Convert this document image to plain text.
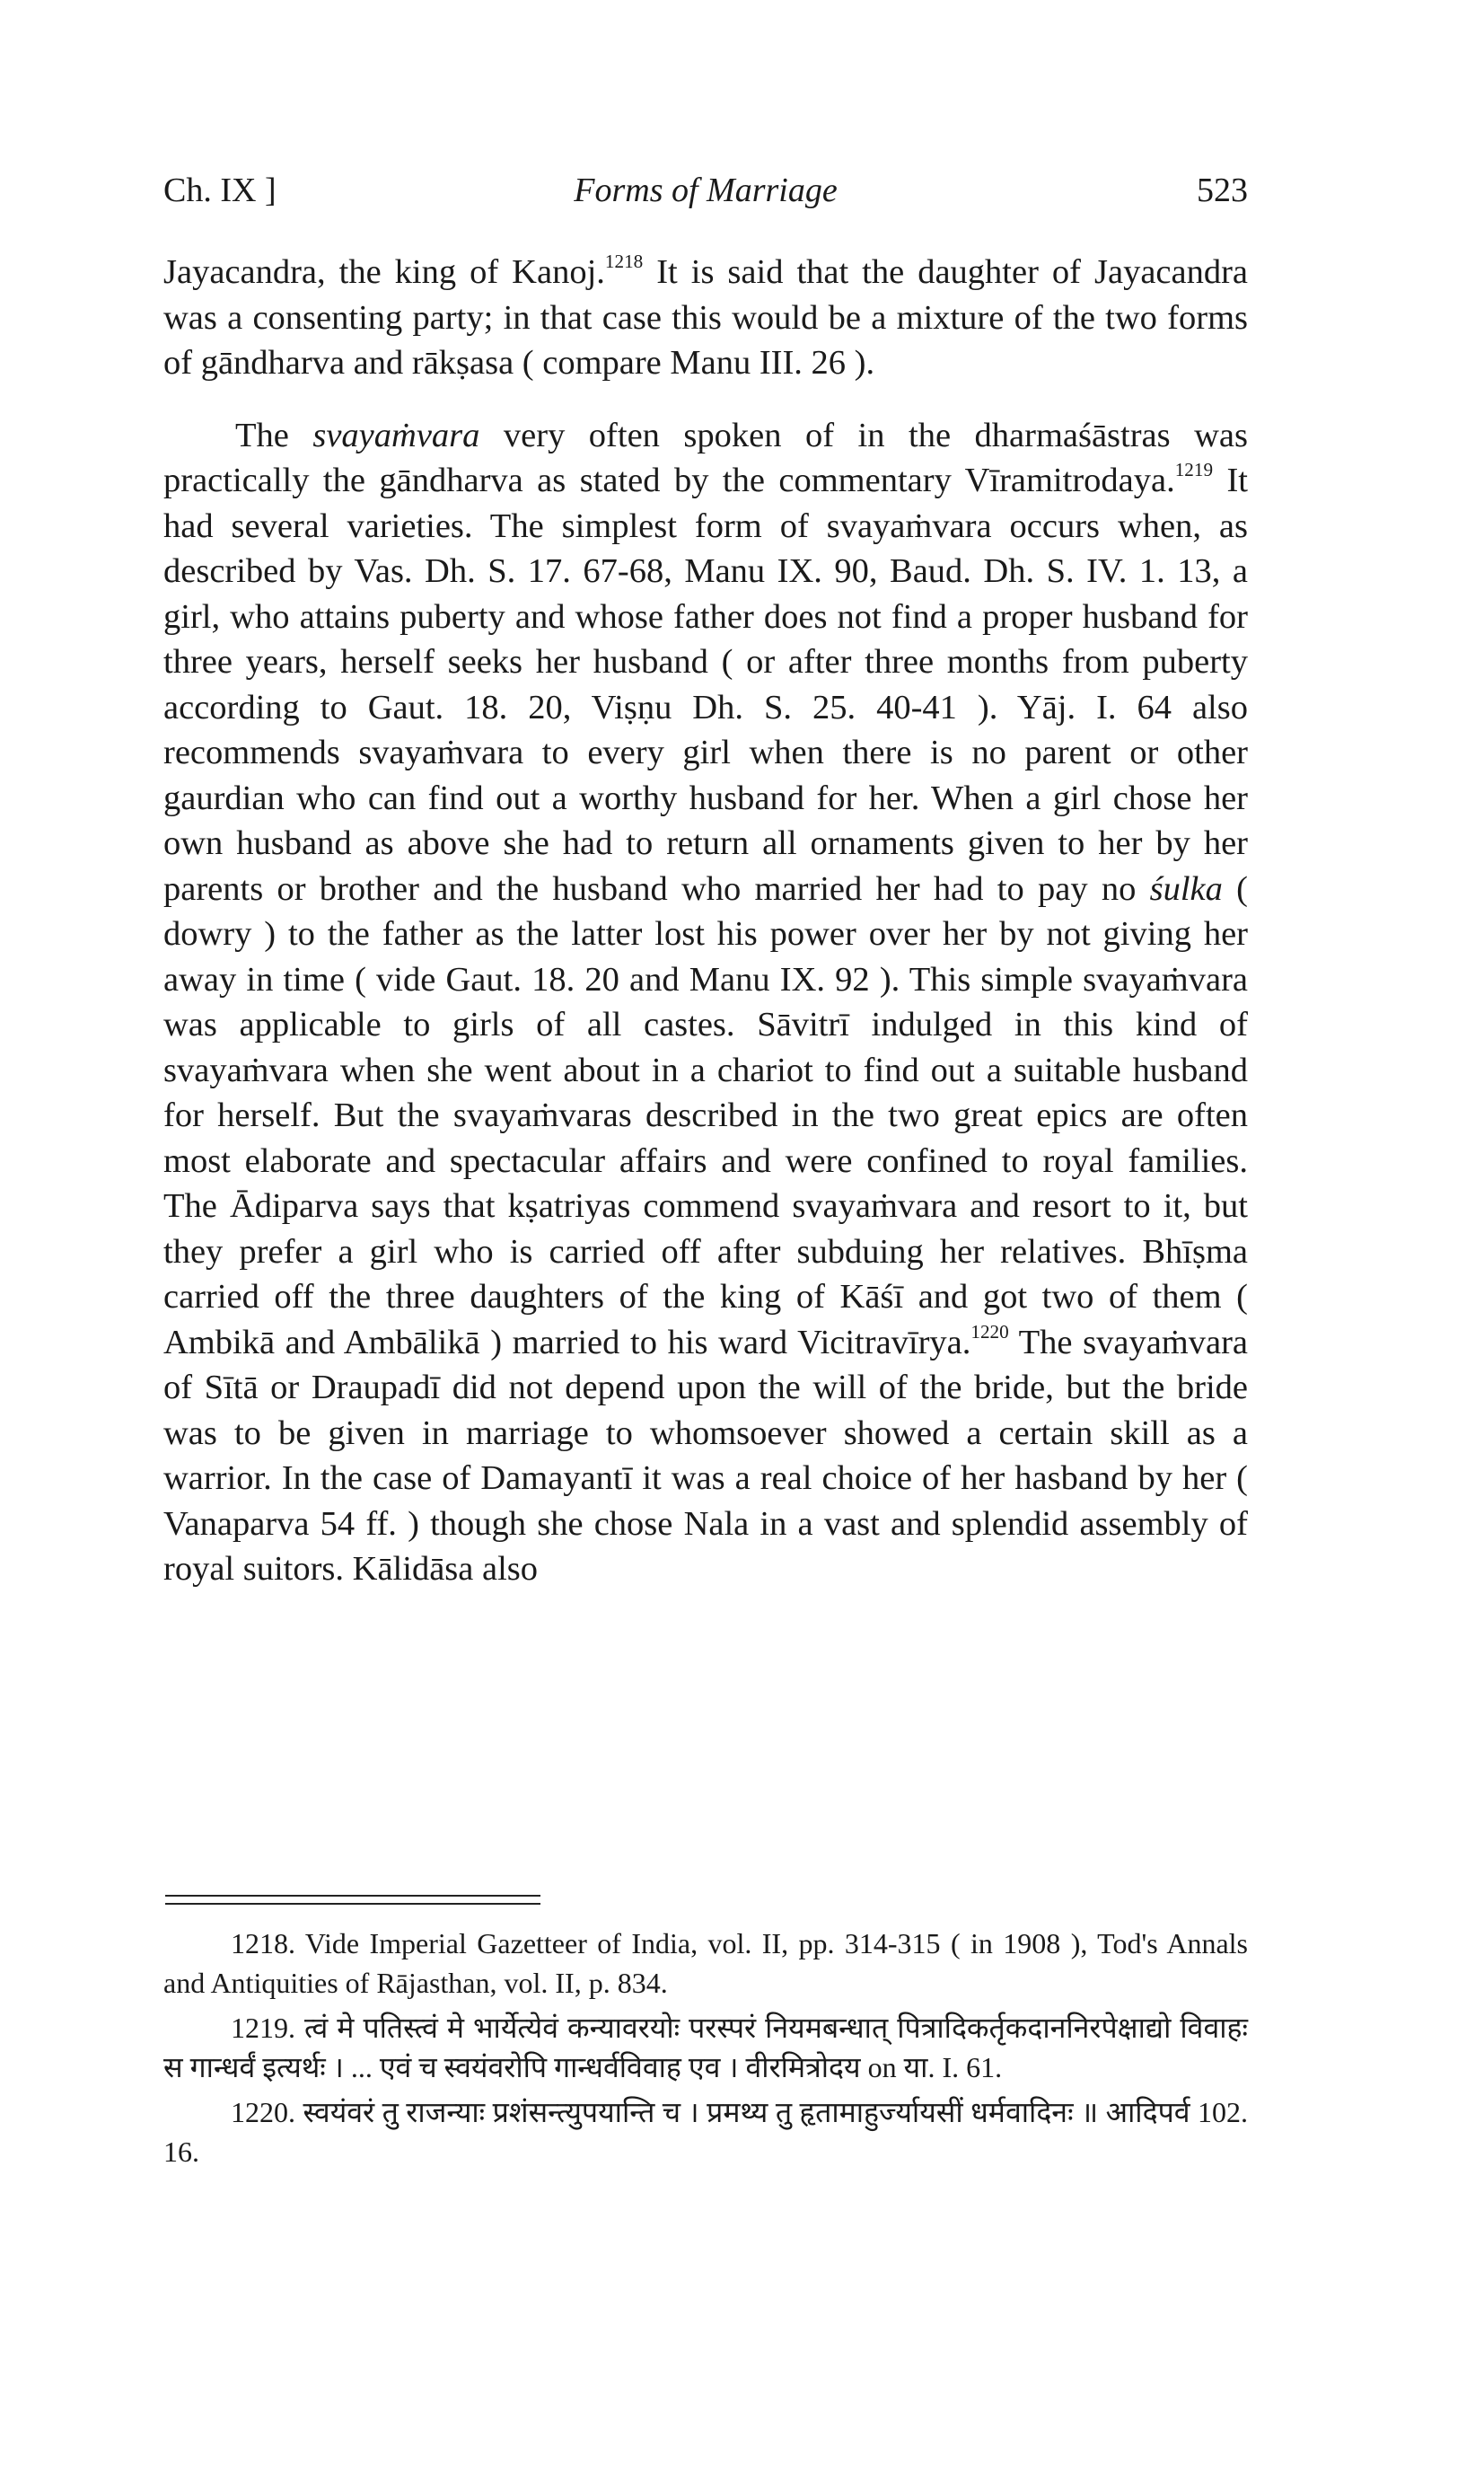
Ch. IX ]	Forms of Marriage	523

Jayacandra, the king of Kanoj.$^{1218}$ It is said that the daughter of Jayacandra was a consenting party; in that case this would be a mixture of the two forms of gāndharva and rākṣasa ( compare Manu III. 26 ).

The svayaṁvara very often spoken of in the dharmaśāstras was practically the gāndharva as stated by the commentary Vīramitrodaya.$^{1219}$ It had several varieties. The simplest form of svayaṁvara occurs when, as described by Vas. Dh. S. 17. 67-68, Manu IX. 90, Baud. Dh. S. IV. 1. 13, a girl, who attains puberty and whose father does not find a proper husband for three years, herself seeks her husband ( or after three months from puberty according to Gaut. 18. 20, Viṣṇu Dh. S. 25. 40-41 ). Yāj. I. 64 also recommends svayaṁvara to every girl when there is no parent or other gaurdian who can find out a worthy husband for her. When a girl chose her own husband as above she had to return all ornaments given to her by her parents or brother and the husband who married her had to pay no śulka ( dowry ) to the father as the latter lost his power over her by not giving her away in time ( vide Gaut. 18. 20 and Manu IX. 92 ). This simple svayaṁvara was applicable to girls of all castes. Sāvitrī indulged in this kind of svayaṁvara when she went about in a chariot to find out a suitable husband for herself. But the svayaṁvaras described in the two great epics are often most elaborate and spectacular affairs and were confined to royal families. The Ādiparva says that kṣatriyas commend svayaṁvara and resort to it, but they prefer a girl who is carried off after subduing her relatives. Bhīṣma carried off the three daughters of the king of Kāśī and got two of them ( Ambikā and Ambālikā ) married to his ward Vicitravīrya.$^{1220}$ The svayaṁvara of Sītā or Draupadī did not depend upon the will of the bride, but the bride was to be given in marriage to whomsoever showed a certain skill as a warrior. In the case of Damayantī it was a real choice of her hasband by her ( Vanaparva 54 ff. ) though she chose Nala in a vast and splendid assembly of royal suitors. Kālidāsa also

1218. Vide Imperial Gazetteer of India, vol. II, pp. 314-315 ( in 1908 ), Tod's Annals and Antiquities of Rājasthan, vol. II, p. 834.

1219. त्वं मे पतिस्त्वं मे भार्येत्येवं कन्यावरयोः परस्परं नियमबन्धात् पित्रादिकर्तृकदाननिरपेक्षाद्यो विवाहः स गान्धर्वं इत्यर्थः । ... एवं च स्वयंवरोपि गान्धर्वविवाह एव । वीरमित्रोदय on या. I. 61.

1220. स्वयंवरं तु राजन्याः प्रशंसन्त्युपयान्ति च । प्रमथ्य तु हृतामाहुर्ज्यायसीं धर्मवादिनः ॥ आदिपर्व 102. 16.
